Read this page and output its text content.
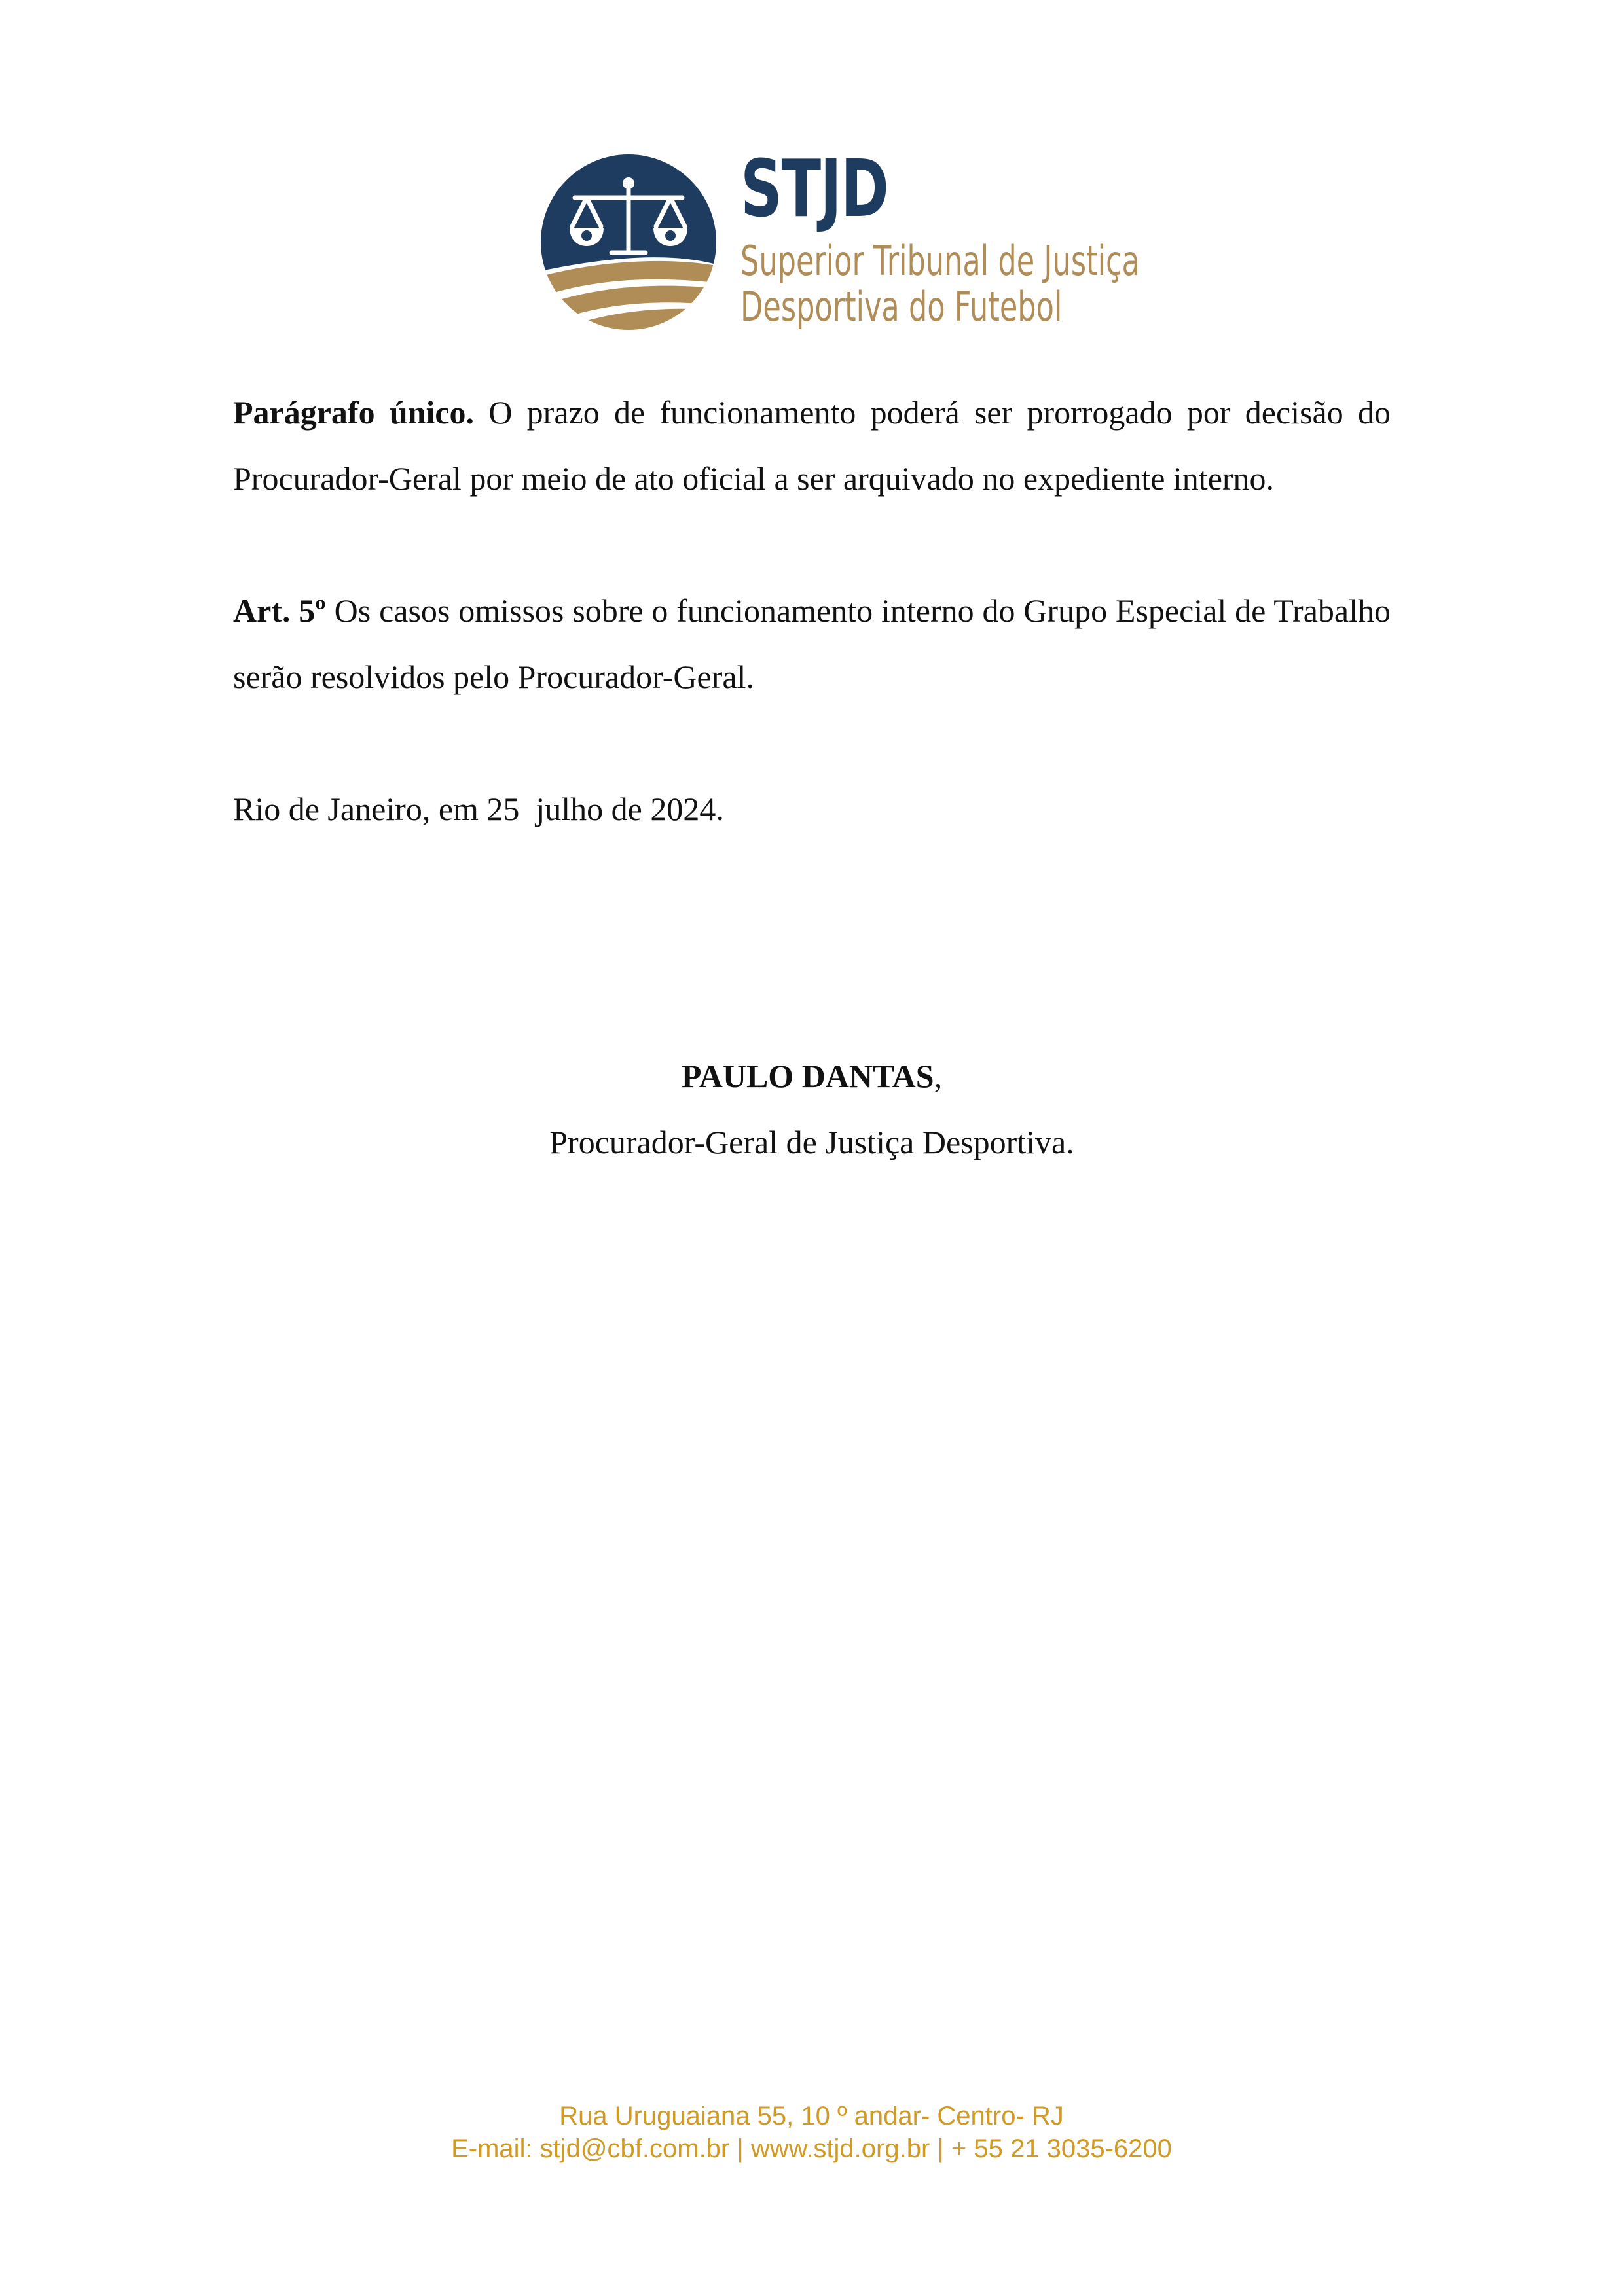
STJD
Superior Tribunal de Justiça
Desportiva do Futebol

Parágrafo único. O prazo de funcionamento poderá ser prorrogado por decisão do Procurador-Geral por meio de ato oficial a ser arquivado no expediente interno.

Art. 5º Os casos omissos sobre o funcionamento interno do Grupo Especial de Trabalho serão resolvidos pelo Procurador-Geral.

Rio de Janeiro, em 25  julho de 2024.

PAULO DANTAS,
Procurador-Geral de Justiça Desportiva.
Rua Uruguaiana 55, 10 º andar- Centro- RJ
E-mail: stjd@cbf.com.br | www.stjd.org.br | + 55 21 3035-6200
